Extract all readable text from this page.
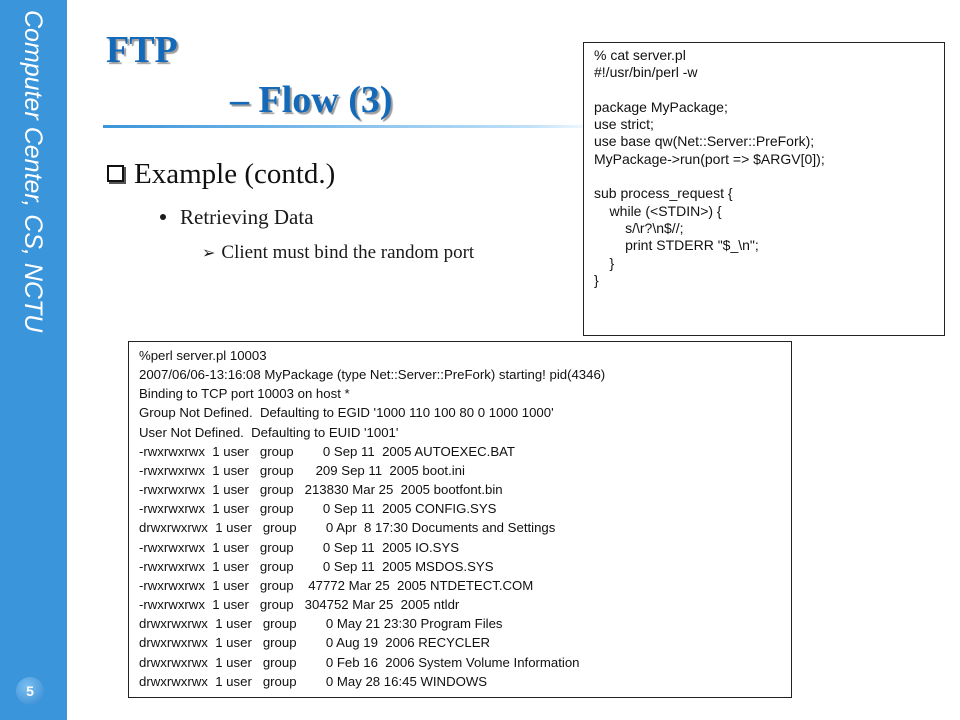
Computer Center, CS, NCTU
5
FTP
– Flow (3)
Example (contd.)
Retrieving Data
➢ Client must bind the random port
% cat server.pl
#!/usr/bin/perl -w

package MyPackage;
use strict;
use base qw(Net::Server::PreFork);
MyPackage->run(port => $ARGV[0]);

sub process_request {
while (<STDIN>) {
s/\r?\n$//;
print STDERR "$_\n";
}
}
%perl server.pl 10003
2007/06/06-13:16:08 MyPackage (type Net::Server::PreFork) starting! pid(4346)
Binding to TCP port 10003 on host *
Group Not Defined.  Defaulting to EGID '1000 110 100 80 0 1000 1000'
User Not Defined.  Defaulting to EUID '1001'
-rwxrwxrwx  1 user   group        0 Sep 11  2005 AUTOEXEC.BAT
-rwxrwxrwx  1 user   group      209 Sep 11  2005 boot.ini
-rwxrwxrwx  1 user   group   213830 Mar 25  2005 bootfont.bin
-rwxrwxrwx  1 user   group        0 Sep 11  2005 CONFIG.SYS
drwxrwxrwx  1 user   group        0 Apr  8 17:30 Documents and Settings
-rwxrwxrwx  1 user   group        0 Sep 11  2005 IO.SYS
-rwxrwxrwx  1 user   group        0 Sep 11  2005 MSDOS.SYS
-rwxrwxrwx  1 user   group    47772 Mar 25  2005 NTDETECT.COM
-rwxrwxrwx  1 user   group   304752 Mar 25  2005 ntldr
drwxrwxrwx  1 user   group        0 May 21 23:30 Program Files
drwxrwxrwx  1 user   group        0 Aug 19  2006 RECYCLER
drwxrwxrwx  1 user   group        0 Feb 16  2006 System Volume Information
drwxrwxrwx  1 user   group        0 May 28 16:45 WINDOWS
